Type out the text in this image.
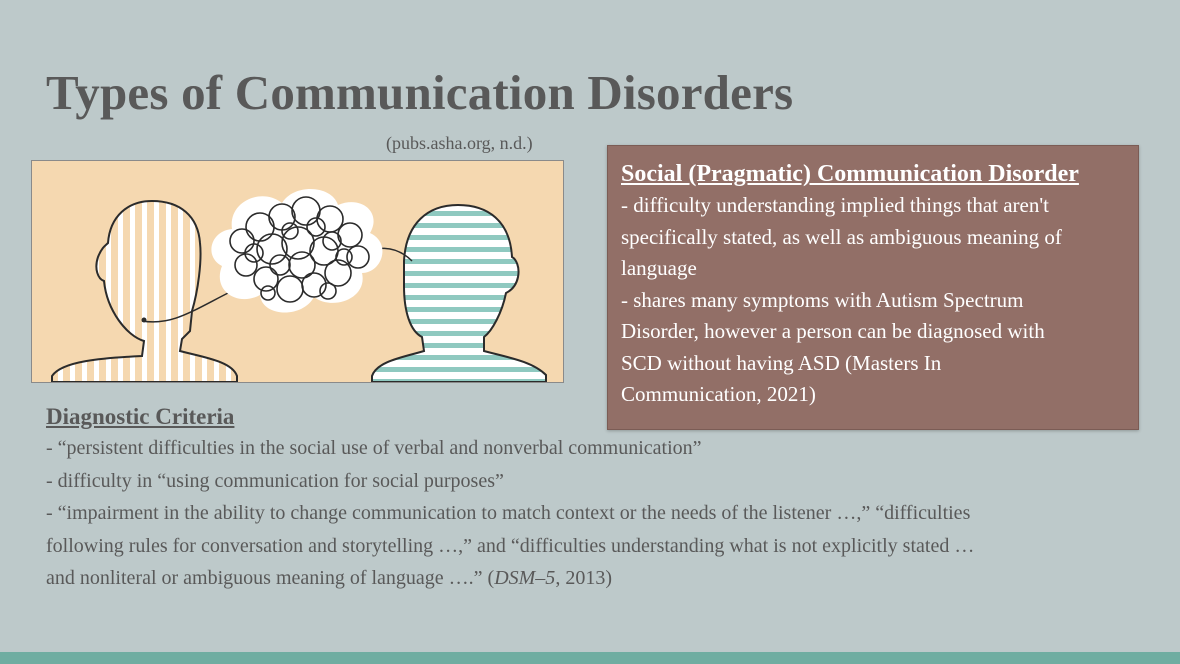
Types of Communication Disorders
(pubs.asha.org, n.d.)
Social (Pragmatic) Communication Disorder
- difficulty understanding implied things that aren't
specifically stated, as well as ambiguous meaning of
language
- shares many symptoms with Autism Spectrum
Disorder, however a person can be diagnosed with
SCD without having ASD (Masters In
Communication, 2021)
Diagnostic Criteria
- “persistent difficulties in the social use of verbal and nonverbal communication”
- difficulty in “using communication for social purposes”
- “impairment in the ability to change communication to match context or the needs of the listener …,” “difficulties
following rules for conversation and storytelling …,” and “difficulties understanding what is not explicitly stated …
and nonliteral or ambiguous meaning of language ….” (DSM–5, 2013)
